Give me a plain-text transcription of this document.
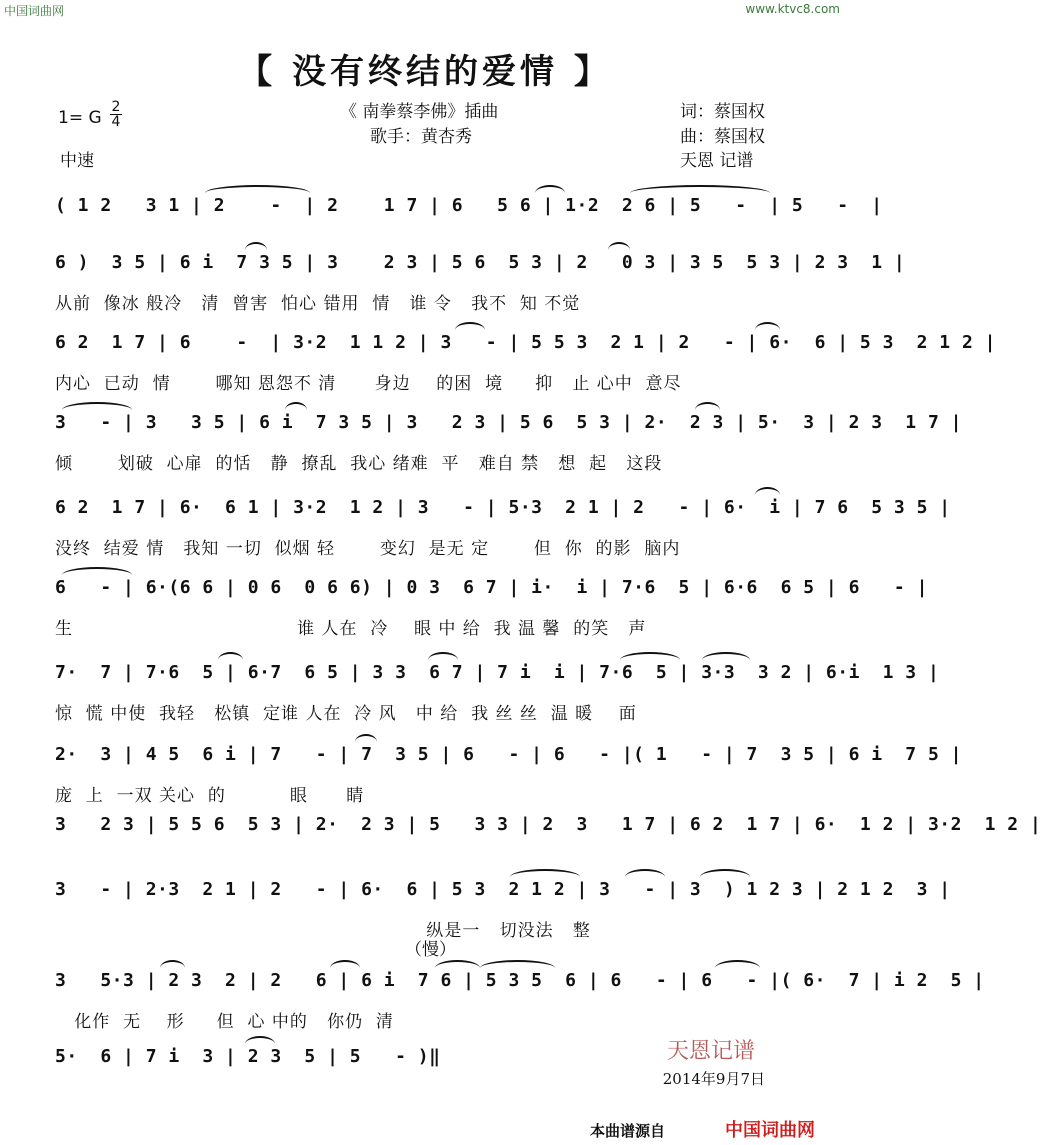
中国词曲网	www.ktvc8.com
【 没有终结的爱情 】
1= G
2
4
中速
《 南拳蔡李佛》插曲
歌手：黄杏秀
词：蔡国权
曲：蔡国权
天恩 记谱
( 1 2   3 1 | 2    -  | 2    1 7 | 6   5 6 | 1·2  2 6 | 5   -  | 5   -  |
6 )  3 5 | 6 i  7 3 5 | 3    2 3 | 5 6  5 3 | 2   0 3 | 3 5  5 3 | 2 3  1 |
从前  像冰 般冷   清  曾害  怕心 错用  情   谁 令   我不  知 不觉
6 2  1 7 | 6    -  | 3·2  1 1 2 | 3   - | 5 5 3  2 1 | 2   - | 6·  6 | 5 3  2 1 2 |
内心  已动  情       哪知 恩怨不 清      身边    的困  境     抑   止 心中  意尽
3   - | 3   3 5 | 6 i  7 3 5 | 3   2 3 | 5 6  5 3 | 2·  2 3 | 5·  3 | 2 3  1 7 |
倾       划破  心扉  的恬   静  撩乱  我心 绪难  平   难自 禁   想  起   这段
6 2  1 7 | 6·  6 1 | 3·2  1 2 | 3   - | 5·3  2 1 | 2   - | 6·  i | 7 6  5 3 5 |
没终  结爱 情   我知 一切  似烟 轻       变幻  是无 定       但  你  的影  脑内
6   - | 6·(6 6 | 0 6  0 6 6) | 0 3  6 7 | i·  i | 7·6  5 | 6·6  6 5 | 6   - |
生                                   谁 人在  冷    眼 中 给  我 温 馨  的笑   声
7·  7 | 7·6  5 | 6·7  6 5 | 3 3  6 7 | 7 i  i | 7·6  5 | 3·3  3 2 | 6·i  1 3 |
惊  慌 中使  我轻   松镇  定谁 人在  冷 风   中 给  我 丝 丝  温 暖    面
2·  3 | 4 5  6 i | 7   - | 7  3 5 | 6   - | 6   - |( 1   - | 7  3 5 | 6 i  7 5 |
庞  上  一双 关心  的          眼      睛
3   2 3 | 5 5 6  5 3 | 2·  2 3 | 5   3 3 | 2  3   1 7 | 6 2  1 7 | 6·  1 2 | 3·2  1 2 |
3   - | 2·3  2 1 | 2   - | 6·  6 | 5 3  2 1 2 | 3   - | 3  ) 1 2 3 | 2 1 2  3 |
纵是一   切没法   整
（慢）
3   5·3 | 2 3  2 | 2   6 | 6 i  7 6 | 5 3 5  6 | 6   - | 6   - |( 6·  7 | i 2  5 |
化作  无    形     但  心 中的   你仍  清
5·  6 | 7 i  3 | 2 3  5 | 5   - )‖	天恩记谱
2014年9月7日
本曲谱源自	中国词曲网
